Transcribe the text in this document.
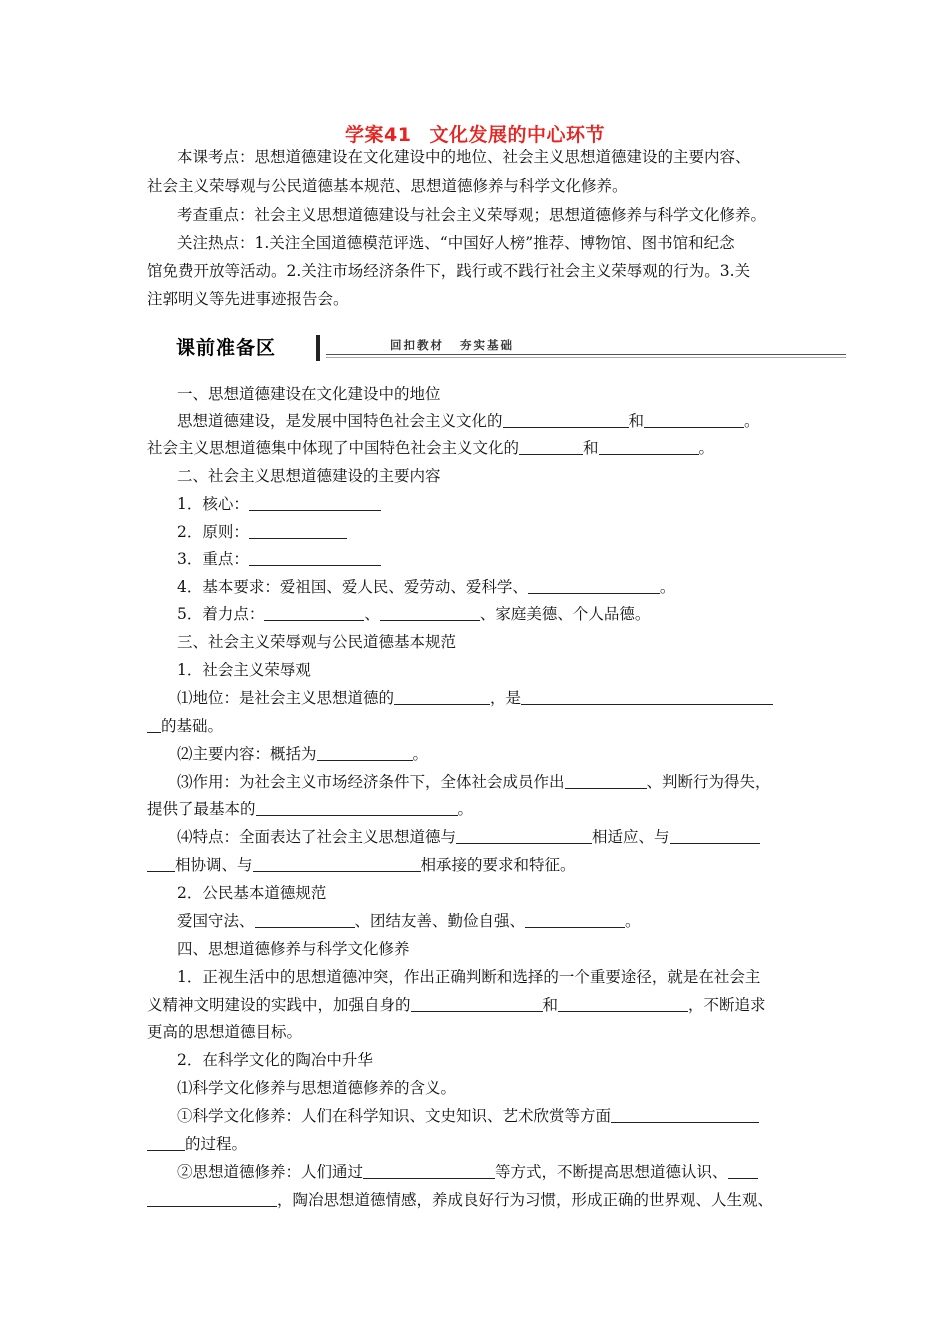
学案41 文化发展的中心环节
本课考点：思想道德建设在文化建设中的地位、社会主义思想道德建设的主要内容、
社会主义荣辱观与公民道德基本规范、思想道德修养与科学文化修养。
考查重点：社会主义思想道德建设与社会主义荣辱观；思想道德修养与科学文化修养。
关注热点：1.关注全国道德模范评选、“中国好人榜”推荐、博物馆、图书馆和纪念
馆免费开放等活动。2.关注市场经济条件下，践行或不践行社会主义荣辱观的行为。3.关
注郭明义等先进事迹报告会。
课前准备区	回扣教材 夯实基础
一、思想道德建设在文化建设中的地位
思想道德建设，是发展中国特色社会主义文化的	和	。
社会主义思想道德集中体现了中国特色社会主义文化的	和	。
二、社会主义思想道德建设的主要内容
1．核心：
2．原则：
3．重点：
4．基本要求：爱祖国、爱人民、爱劳动、爱科学、	。
5．着力点：	、	、家庭美德、个人品德。
三、社会主义荣辱观与公民道德基本规范
1．社会主义荣辱观
⑴地位：是社会主义思想道德的	，是
的基础。
⑵主要内容：概括为	。
⑶作用：为社会主义市场经济条件下，全体社会成员作出	、判断行为得失，
提供了最基本的	。
⑷特点：全面表达了社会主义思想道德与	相适应、与
相协调、与	相承接的要求和特征。
2．公民基本道德规范
爱国守法、	、团结友善、勤俭自强、	。
四、思想道德修养与科学文化修养
1．正视生活中的思想道德冲突，作出正确判断和选择的一个重要途径，就是在社会主
义精神文明建设的实践中，加强自身的	和	，不断追求
更高的思想道德目标。
2．在科学文化的陶冶中升华
⑴科学文化修养与思想道德修养的含义。
①科学文化修养：人们在科学知识、文史知识、艺术欣赏等方面
的过程。
②思想道德修养：人们通过	等方式，不断提高思想道德认识、
，陶冶思想道德情感，养成良好行为习惯，形成正确的世界观、人生观、
